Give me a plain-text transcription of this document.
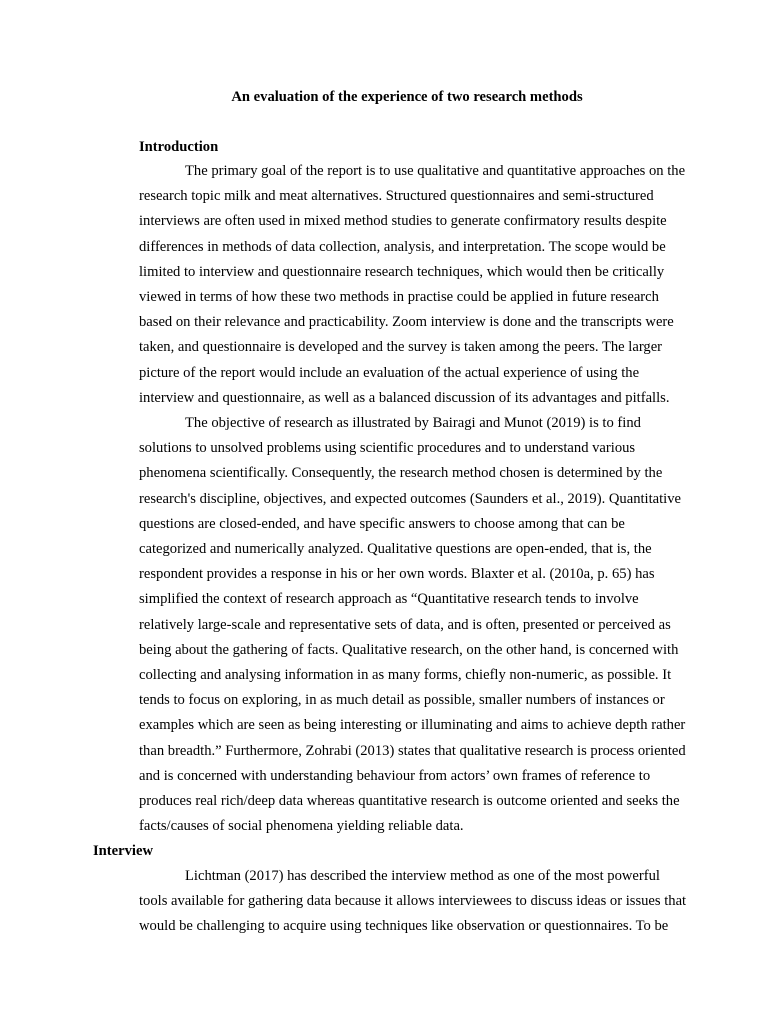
An evaluation of the experience of two research methods
Introduction
The primary goal of the report is to use qualitative and quantitative approaches on the
research topic milk and meat alternatives. Structured questionnaires and semi-structured
interviews are often used in mixed method studies to generate confirmatory results despite
differences in methods of data collection, analysis, and interpretation. The scope would be
limited to interview and questionnaire research techniques, which would then be critically
viewed in terms of how these two methods in practise could be applied in future research
based on their relevance and practicability. Zoom interview is done and the transcripts were
taken, and questionnaire is developed and the survey is taken among the peers. The larger
picture of the report would include an evaluation of the actual experience of using the
interview and questionnaire, as well as a balanced discussion of its advantages and pitfalls.
The objective of research as illustrated by Bairagi and Munot (2019) is to find
solutions to unsolved problems using scientific procedures and to understand various
phenomena scientifically. Consequently, the research method chosen is determined by the
research's discipline, objectives, and expected outcomes (Saunders et al., 2019). Quantitative
questions are closed-ended, and have specific answers to choose among that can be
categorized and numerically analyzed. Qualitative questions are open-ended, that is, the
respondent provides a response in his or her own words. Blaxter et al. (2010a, p. 65) has
simplified the context of research approach as “Quantitative research tends to involve
relatively large-scale and representative sets of data, and is often, presented or perceived as
being about the gathering of facts. Qualitative research, on the other hand, is concerned with
collecting and analysing information in as many forms, chiefly non-numeric, as possible. It
tends to focus on exploring, in as much detail as possible, smaller numbers of instances or
examples which are seen as being interesting or illuminating and aims to achieve depth rather
than breadth.” Furthermore, Zohrabi (2013) states that qualitative research is process oriented
and is concerned with understanding behaviour from actors’ own frames of reference to
produces real rich/deep data whereas quantitative research is outcome oriented and seeks the
facts/causes of social phenomena yielding reliable data.
Interview
Lichtman (2017) has described the interview method as one of the most powerful
tools available for gathering data because it allows interviewees to discuss ideas or issues that
would be challenging to acquire using techniques like observation or questionnaires. To be
